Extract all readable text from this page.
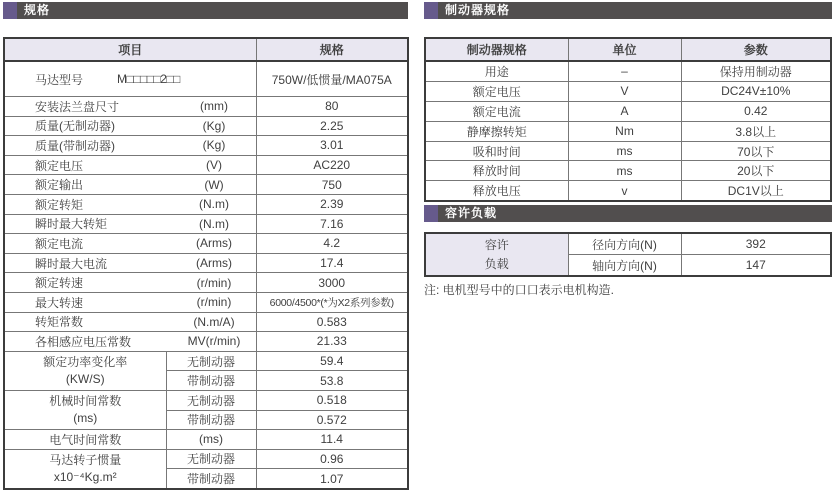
规格
项目		规格

马达型号 M□□□□□2□□		750W/低惯量/MA075A

安装法兰盘尺寸 (mm)		80

质量(无制动器) (Kg)		2.25

质量(带制动器) (Kg)		3.01

额定电压 (V)		AC220

额定输出 (W)		750

额定转矩 (N.m)		2.39

瞬时最大转矩 (N.m)		7.16

额定电流 (Arms)		4.2

瞬时最大电流 (Arms)		17.4

额定转速 (r/min)		3000

最大转速 (r/min)		6000/4500*(*为X2系列参数)

转矩常数 (N.m/A)		0.583

各相感应电压常数 MV(r/min)		21.33

额定功率变化率
(KW/S)	无制动器	59.4
	带制动器	53.8

机械时间常数
(ms)	无制动器	0.518
	带制动器	0.572
电气时间常数	(ms)	11.4

马达转子惯量
x10⁻⁴Kg.m²	无制动器	0.96
	带制动器	1.07
制动器规格
制动器规格	单位	参数
用途	–	保持用制动器
额定电压	V	DC24V±10%
额定电流	A	0.42
静摩擦转矩	Nm	3.8以上
吸和时间	ms	70以下
释放时间	ms	20以下
释放电压	v	DC1V以上
容许负载
容许
负载	径向方向(N)	392
	轴向方向(N)	147
注: 电机型号中的口口表示电机构造.
